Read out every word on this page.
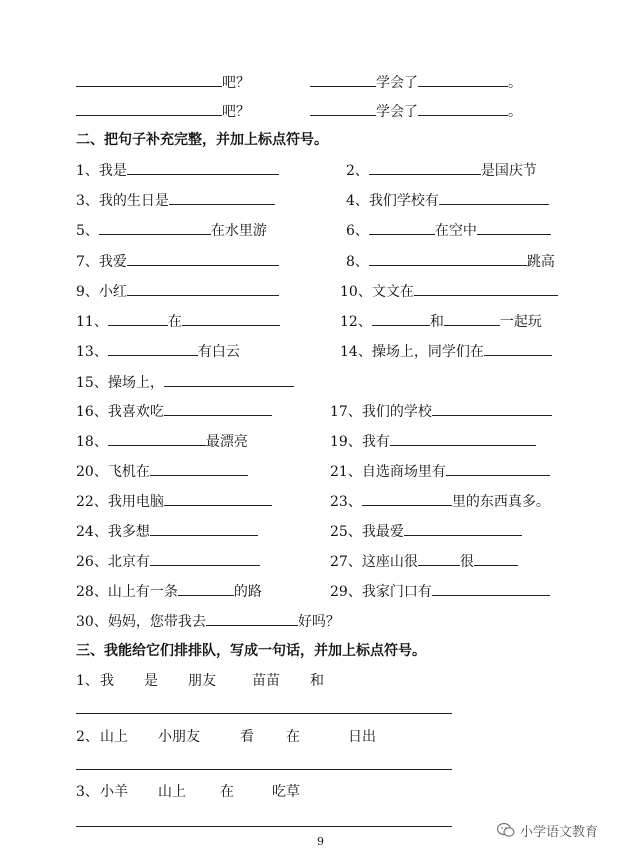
吧？	学会了	。
吧？	学会了	。
二、把句子补充完整，并加上标点符号。
1、我是	2、	是国庆节
3、我的生日是	4、我们学校有
5、	在水里游	6、	在空中
7、我爱	8、	跳高
9、小红	10、文文在
11、	在	12、	和	一起玩
13、	有白云	14、操场上，同学们在
15、操场上，
16、我喜欢吃	17、我们的学校
18、	最漂亮	19、我有
20、飞机在	21、自选商场里有
22、我用电脑	23、	里的东西真多。
24、我多想	25、我最爱
26、北京有	27、这座山很	很
28、山上有一条	的路	29、我家门口有
30、妈妈，您带我去	好吗？
三、我能给它们排排队，写成一句话，并加上标点符号。
1、我 是 朋友	苗苗 和
2、山上 小朋友	看 在	日出
3、小羊 山上 在	吃草
9
小学语文教育
